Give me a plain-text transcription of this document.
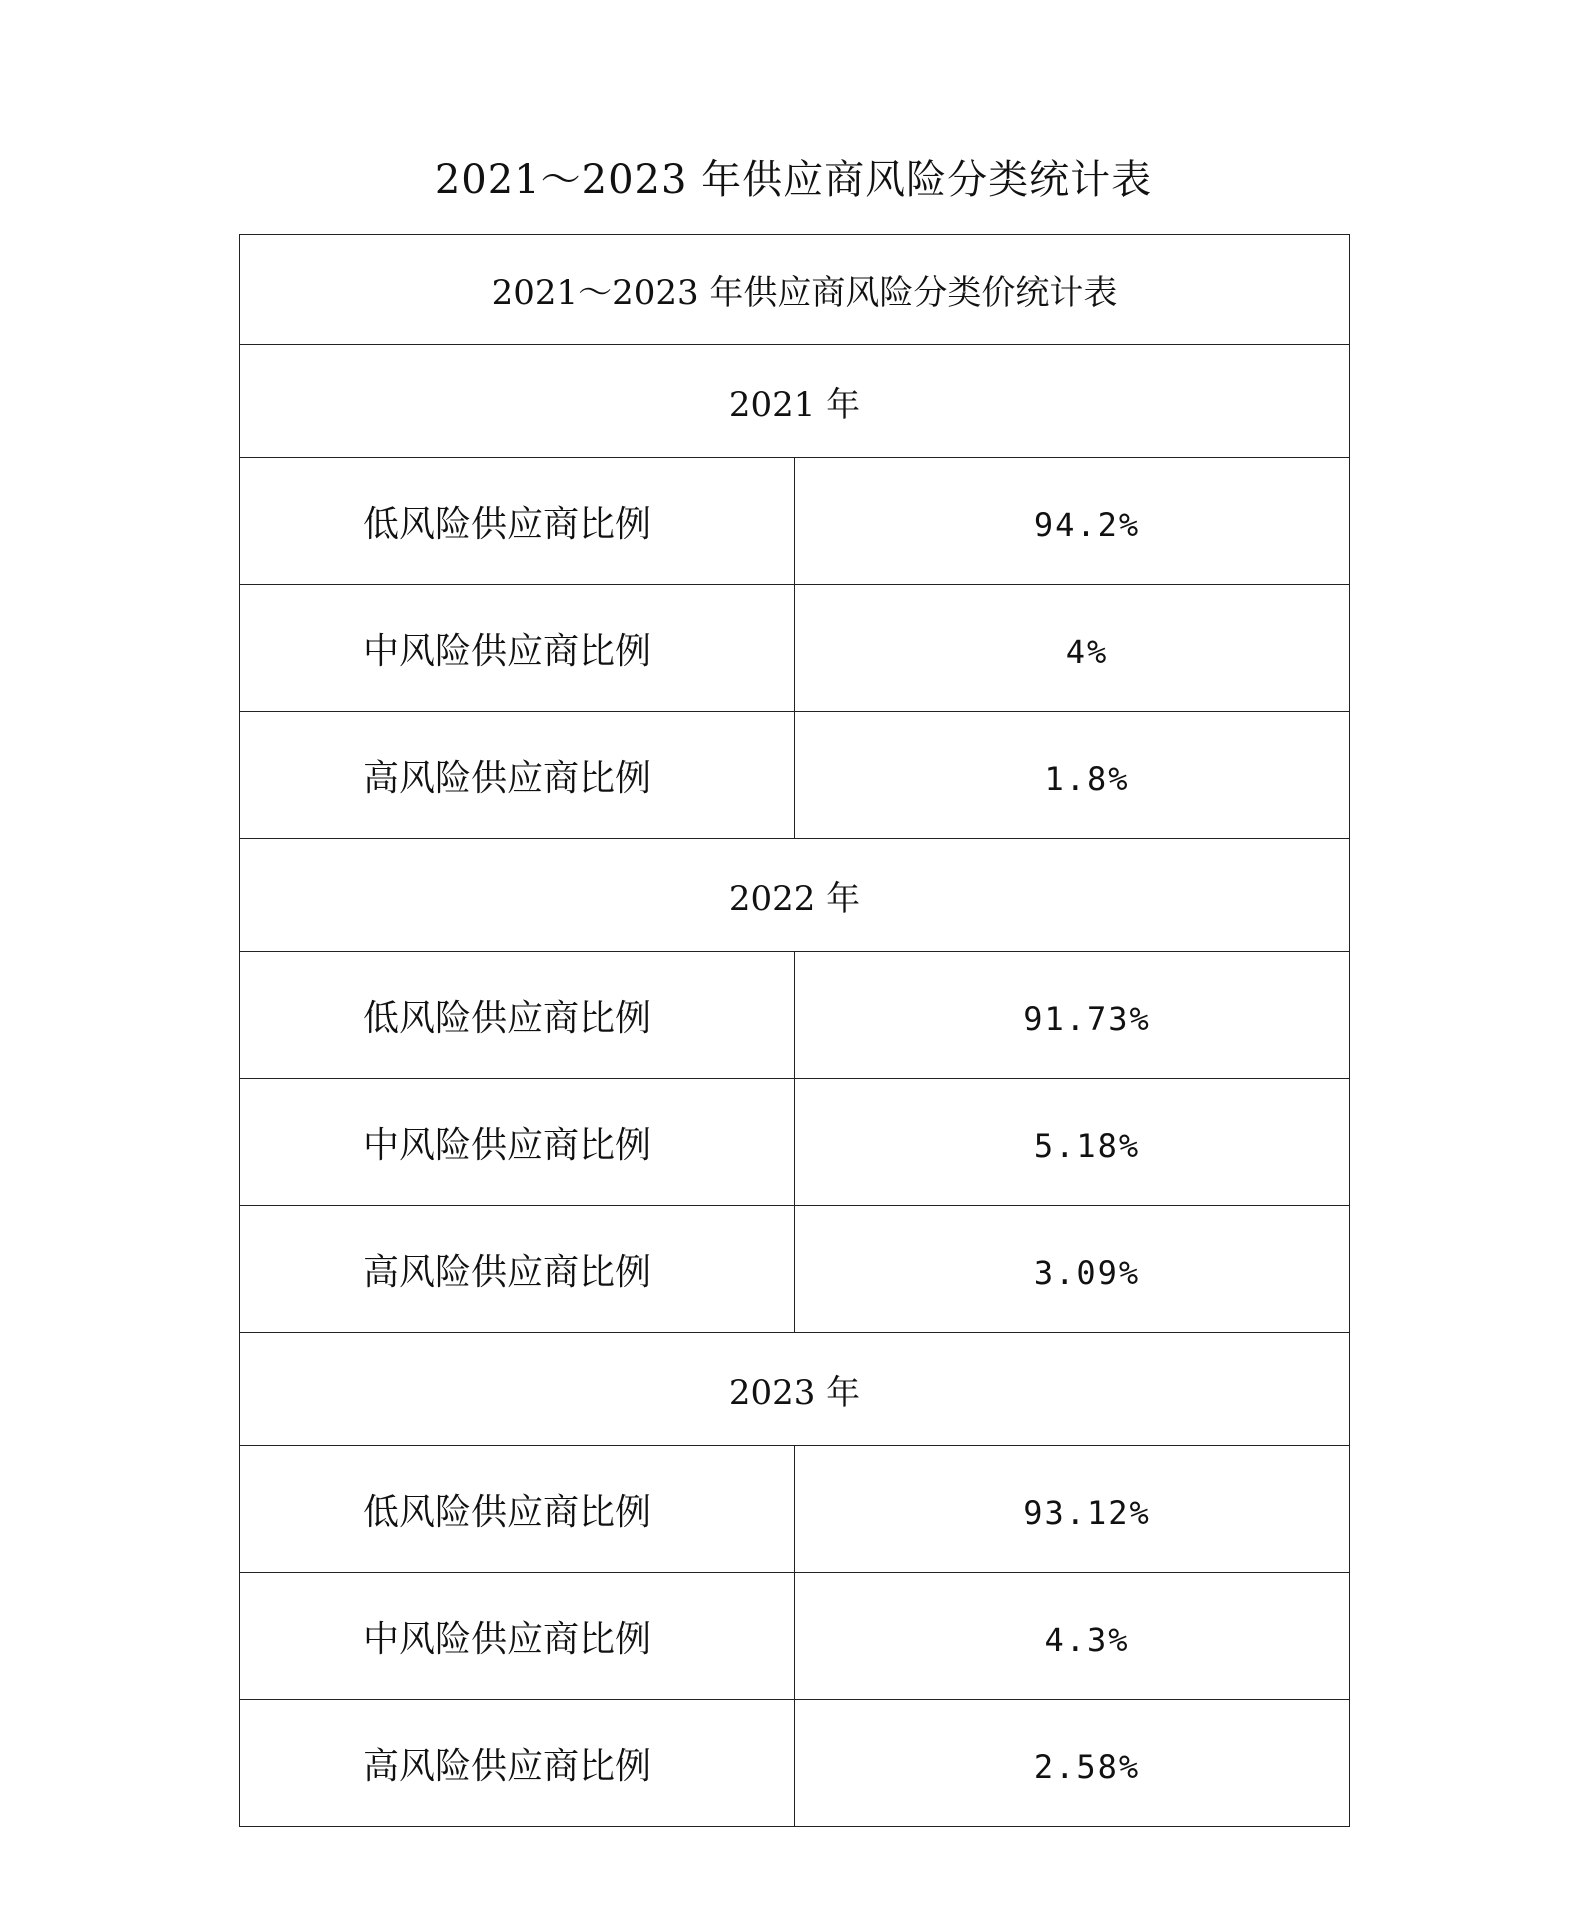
2021～2023 年供应商风险分类统计表
2021～2023 年供应商风险分类价统计表	
2021 年	
低风险供应商比例	94.2%
中风险供应商比例	4%
高风险供应商比例	1.8%
2022 年	
低风险供应商比例	91.73%
中风险供应商比例	5.18%
高风险供应商比例	3.09%
2023 年	
低风险供应商比例	93.12%
中风险供应商比例	4.3%
高风险供应商比例	2.58%
